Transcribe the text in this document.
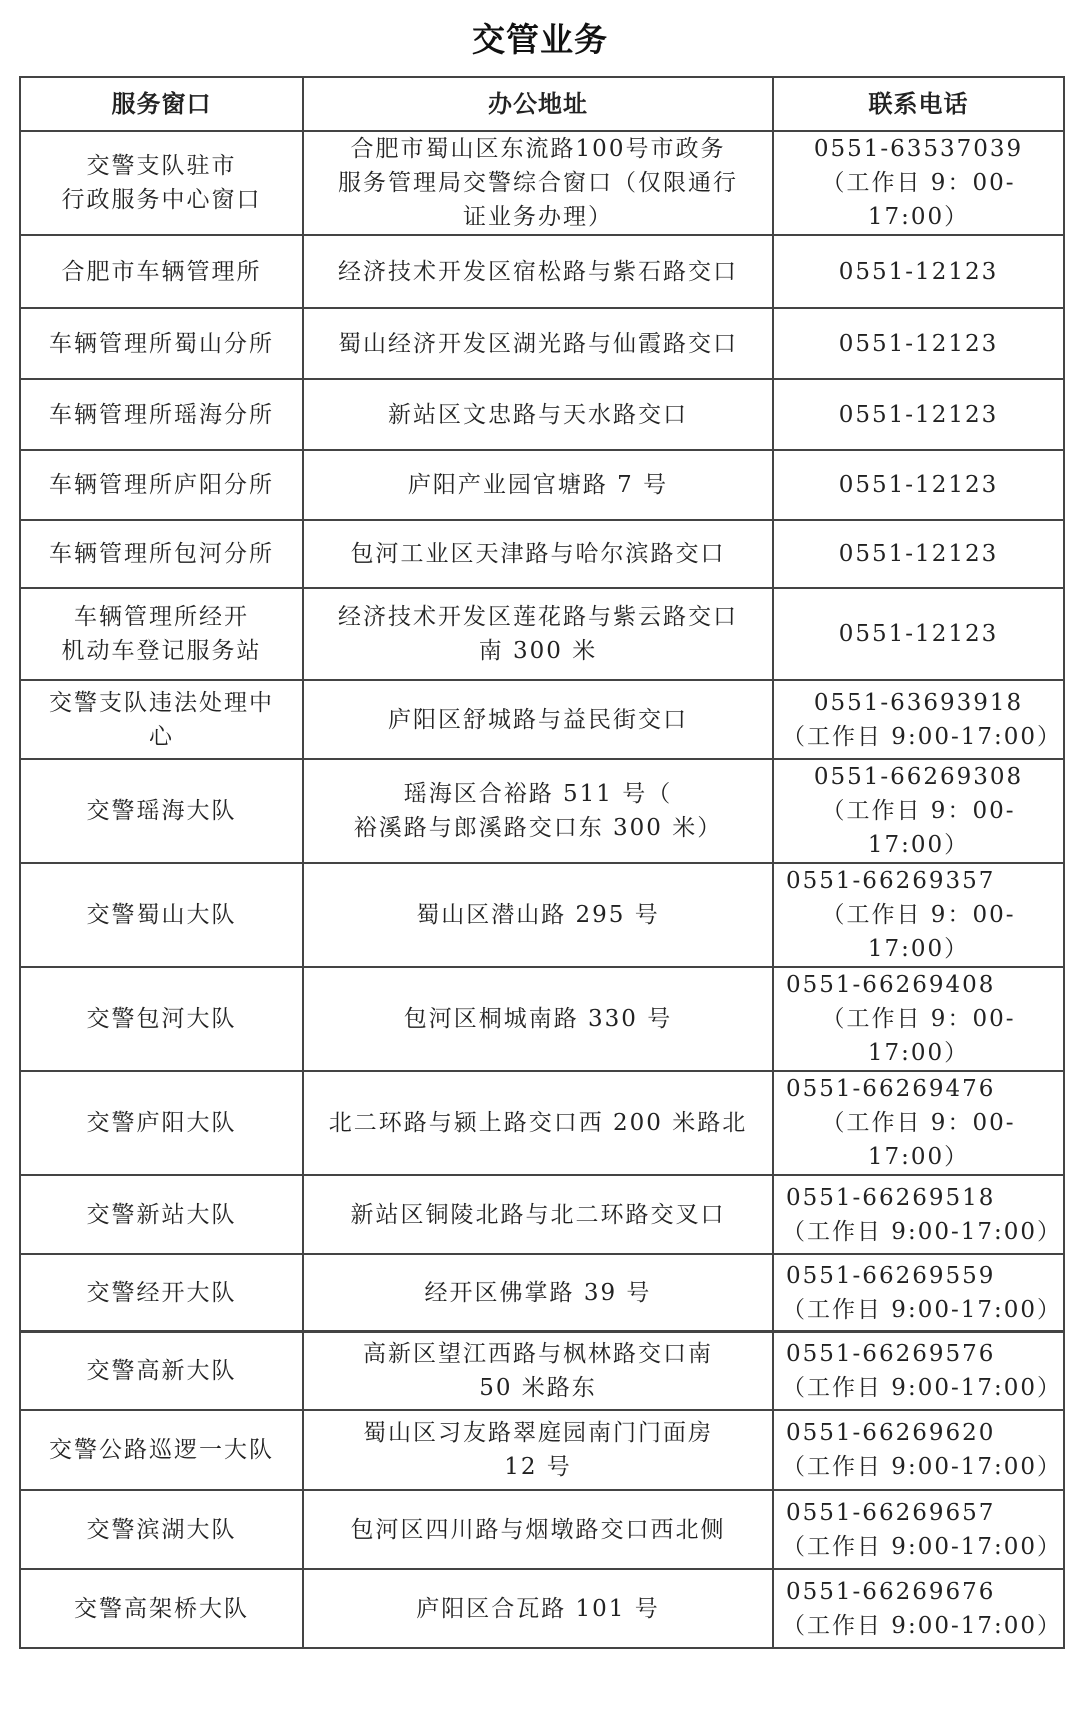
交管业务
服务窗口	办公地址	联系电话

交警支队驻市
行政服务中心窗口	合肥市蜀山区东流路100号市政务
服务管理局交警综合窗口（仅限通行
证业务办理）	0551-63537039
（工作日 9：00-17:00）

合肥市车辆管理所	经济技术开发区宿松路与紫石路交口	0551-12123

车辆管理所蜀山分所	蜀山经济开发区湖光路与仙霞路交口	0551-12123

车辆管理所瑶海分所	新站区文忠路与天水路交口	0551-12123

车辆管理所庐阳分所	庐阳产业园官塘路 7 号	0551-12123

车辆管理所包河分所	包河工业区天津路与哈尔滨路交口	0551-12123

车辆管理所经开
机动车登记服务站	经济技术开发区莲花路与紫云路交口
南 300 米	0551-12123

交警支队违法处理中
心	庐阳区舒城路与益民街交口	0551-63693918
（工作日 9:00-17:00）

交警瑶海大队	瑶海区合裕路 511 号（
裕溪路与郎溪路交口东 300 米）	0551-66269308
（工作日 9：00-17:00）

交警蜀山大队	蜀山区潜山路 295 号	0551-66269357
（工作日 9：00-17:00）

交警包河大队	包河区桐城南路 330 号	0551-66269408
（工作日 9：00-17:00）

交警庐阳大队	北二环路与颍上路交口西 200 米路北	0551-66269476
（工作日 9：00-17:00）

交警新站大队	新站区铜陵北路与北二环路交叉口	0551-66269518
（工作日 9:00-17:00）

交警经开大队	经开区佛掌路 39 号	0551-66269559
（工作日 9:00-17:00）
交警高新大队	高新区望江西路与枫林路交口南
50 米路东	0551-66269576
（工作日 9:00-17:00）

交警公路巡逻一大队	蜀山区习友路翠庭园南门门面房
12 号	0551-66269620
（工作日 9:00-17:00）

交警滨湖大队	包河区四川路与烟墩路交口西北侧	0551-66269657
（工作日 9:00-17:00）

交警高架桥大队	庐阳区合瓦路 101 号	0551-66269676
（工作日 9:00-17:00）
